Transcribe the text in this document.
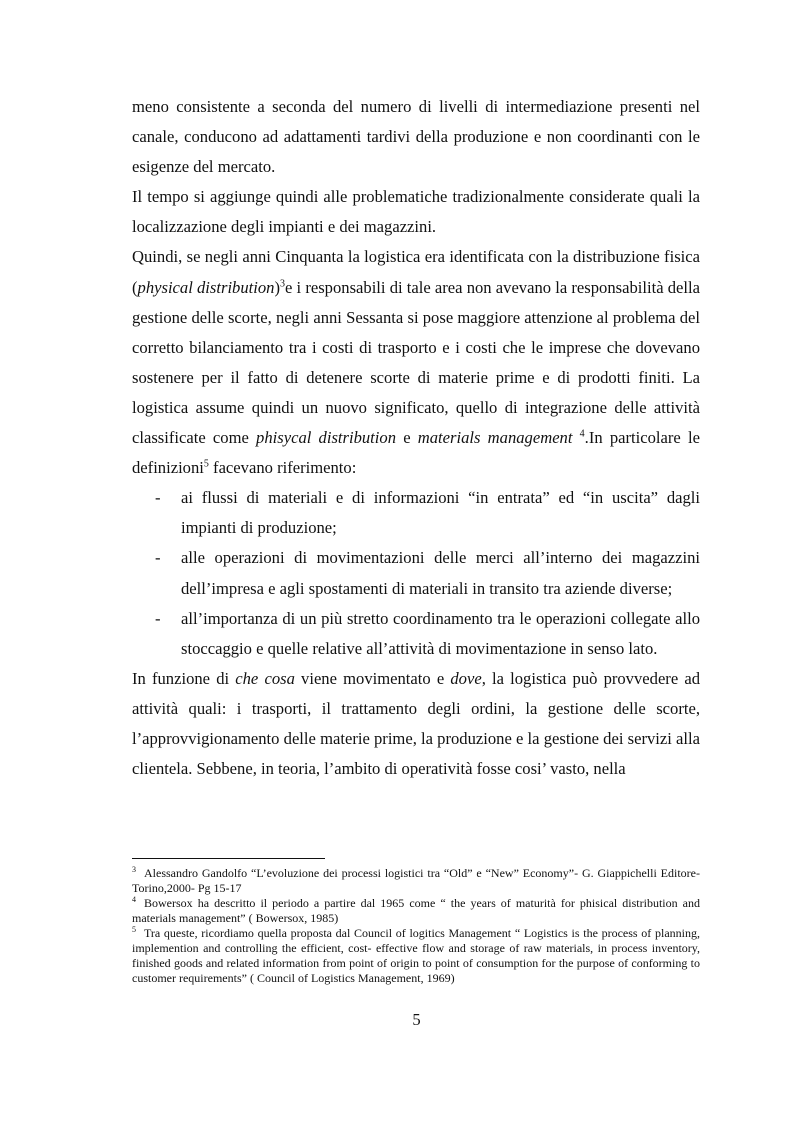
meno consistente a seconda del numero di livelli di intermediazione presenti nel canale, conducono ad adattamenti tardivi della produzione e non coordinanti con le esigenze del mercato.

Il tempo si aggiunge quindi alle problematiche tradizionalmente considerate quali la localizzazione degli impianti e dei magazzini.

Quindi, se negli anni Cinquanta la logistica era identificata con la distribuzione fisica (physical distribution)$^3$e i responsabili di tale area non avevano la responsabilità della gestione delle scorte, negli anni Sessanta si pose maggiore attenzione al problema del corretto bilanciamento tra i costi di trasporto e i costi che le imprese che dovevano sostenere per il fatto di detenere scorte di materie prime e di prodotti finiti. La logistica assume quindi un nuovo significato, quello di integrazione delle attività classificate come phisycal distribution e materials management $^4$.In particolare le definizioni$^5$ facevano riferimento:

- ai flussi di materiali e di informazioni “in entrata” ed “in uscita” dagli impianti di produzione;
- alle operazioni di movimentazioni delle merci all’interno dei magazzini dell’impresa e agli spostamenti di materiali in transito tra aziende diverse;
- all’importanza di un più stretto coordinamento tra le operazioni collegate allo stoccaggio e quelle relative all’attività di movimentazione in senso lato.

In funzione di che cosa viene movimentato e dove, la logistica può provvedere ad attività quali: i trasporti, il trattamento degli ordini, la gestione delle scorte, l’approvvigionamento delle materie prime, la produzione e la gestione dei servizi alla clientela. Sebbene, in teoria, l’ambito di operatività fosse cosi’ vasto, nella

$^3$ Alessandro Gandolfo “L’evoluzione dei processi logistici tra “Old” e “New” Economy”- G. Giappichelli Editore-Torino,2000- Pg 15-17

$^4$ Bowersox ha descritto il periodo a partire dal 1965 come “ the years of maturità for phisical distribution and materials management” ( Bowersox, 1985)

$^5$ Tra queste, ricordiamo quella proposta dal Council of logitics Management “ Logistics is the process of planning, implemention and controlling the efficient, cost- effective flow and storage of raw materials, in process inventory, finished goods and related information from point of origin to point of consumption for the purpose of conforming to customer requirements” ( Council of Logistics Management, 1969)

5
